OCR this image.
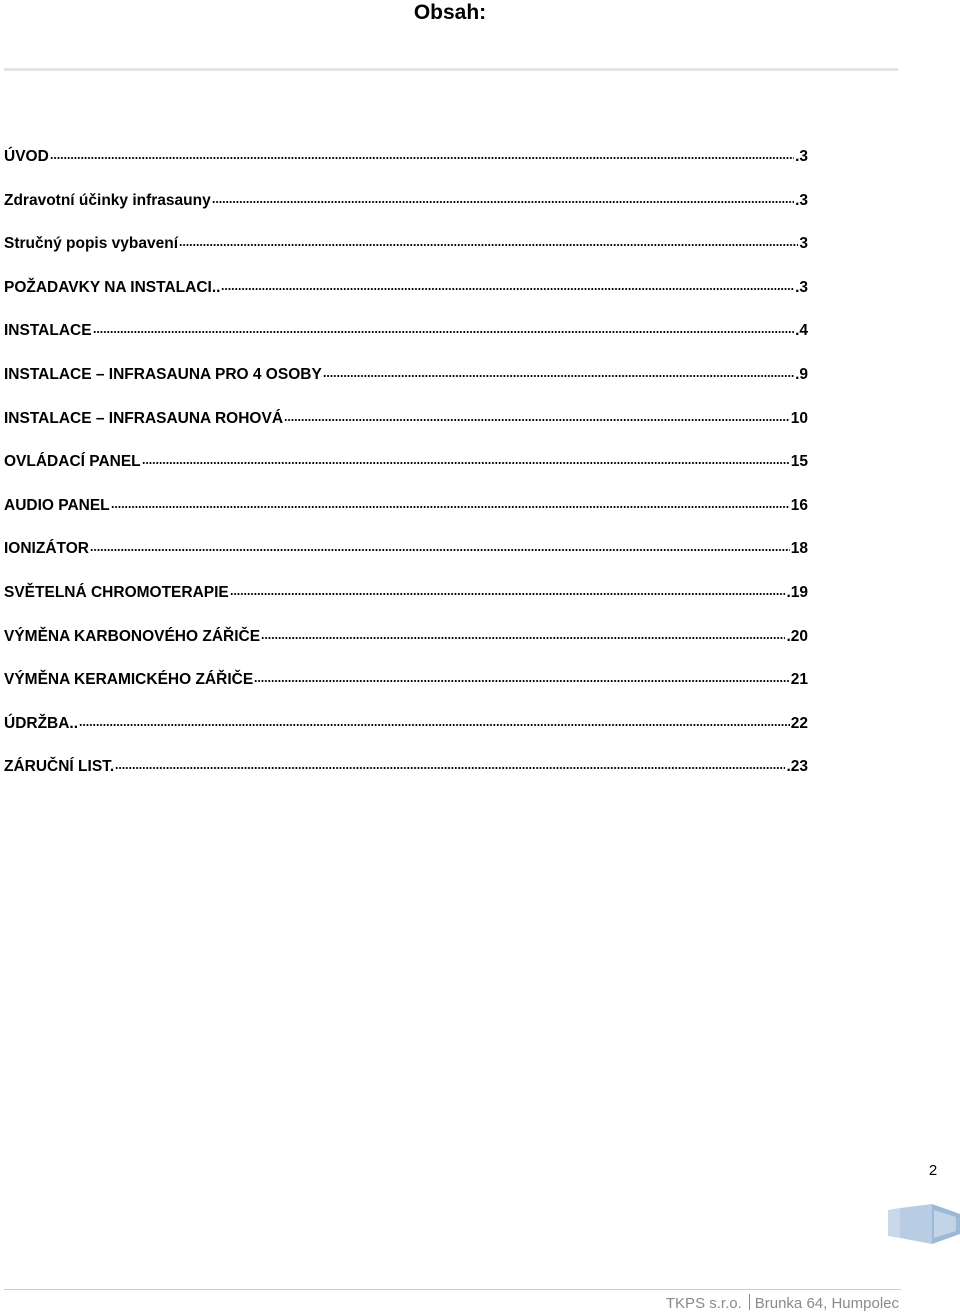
Obsah:
ÚVOD	.3
Zdravotní účinky infrasauny	.3
Stručný popis vybavení	3
POŽADAVKY NA INSTALACI..	.3
INSTALACE	.4
INSTALACE – INFRASAUNA PRO 4 OSOBY	.9
INSTALACE – INFRASAUNA ROHOVÁ	10
OVLÁDACÍ PANEL	15
AUDIO PANEL	16
IONIZÁTOR	18
SVĚTELNÁ CHROMOTERAPIE	.19
VÝMĚNA KARBONOVÉHO ZÁŘIČE	.20
VÝMĚNA KERAMICKÉHO ZÁŘIČE	21
ÚDRŽBA..	22
ZÁRUČNÍ LIST.	.23
2
TKPS s.r.o. Brunka 64, Humpolec
